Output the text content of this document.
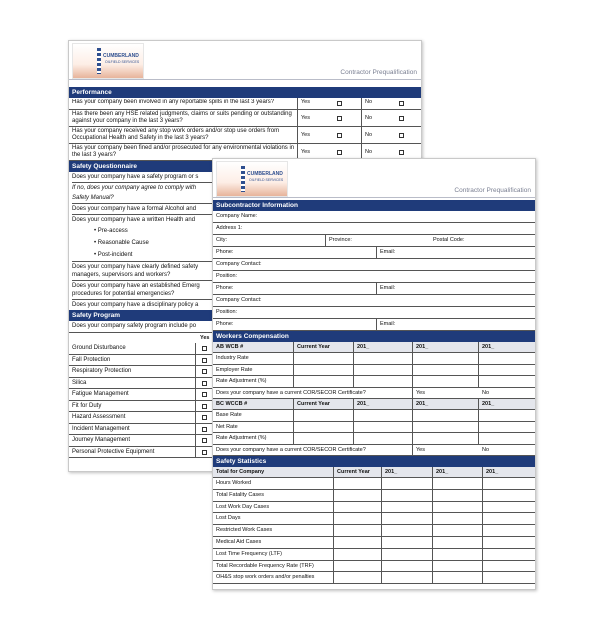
CUMBERLAND
OILFIELD SERVICES
Contractor Prequalification
Performance
Has your company been involved in any reportable spills in the last 3 years?	Yes	No
Has there been any HSE related judgments, claims or suits pending or outstanding against your company in the last 3 years?	Yes	No
Has your company received any stop work orders and/or stop use orders from Occupational Health and Safety in the last 3 years?	Yes	No
Has your company been fined and/or prosecuted for any environmental violations in the last 3 years?	Yes	No
Safety Questionnaire
Does your company have a safety program or s
If no, does your company agree to comply with
Safety Manual?
Does your company have a formal Alcohol and
Does your company have a written Health and
• Pre-access
• Reasonable Cause
• Post-incident
Does your company have clearly defined safety managers, supervisors and workers?
Does your company have an established Emerg procedures for potential emergencies?
Does your company have a disciplinary policy a
Safety Program
Does your company safety program include po
Yes
Ground Disturbance
Fall Protection
Respiratory Protection
Silica
Fatigue Management
Fit for Duty
Hazard Assessment
Incident Management
Journey Management
Personal Protective Equipment
CUMBERLAND
OILFIELD SERVICES
Contractor Prequalification
Subcontractor Information
Company Name:
Address 1:
City:	Province:	Postal Code:
Phone:	Email:
Company Contact:
Position:
Phone:	Email:
Company Contact:
Position:
Phone:	Email:
Workers Compensation
AB WCB #	Current Year	201_	201_	201_
Industry Rate
Employer Rate
Rate Adjustment (%)
Does your company have a current COR/SECOR Certificate?	Yes	No
BC WCCB #	Current Year	201_	201_	201_
Base Rate
Net Rate
Rate Adjustment (%)
Does your company have a current COR/SECOR Certificate?	Yes	No
Safety Statistics
Total for Company	Current Year	201_	201_	201_
Hours Worked
Total Fatality Cases
Lost Work Day Cases
Lost Days
Restricted Work Cases
Medical Aid Cases
Lost Time Frequency (LTF)
Total Recordable Frequency Rate (TRF)
OH&S stop work orders and/or penalties
